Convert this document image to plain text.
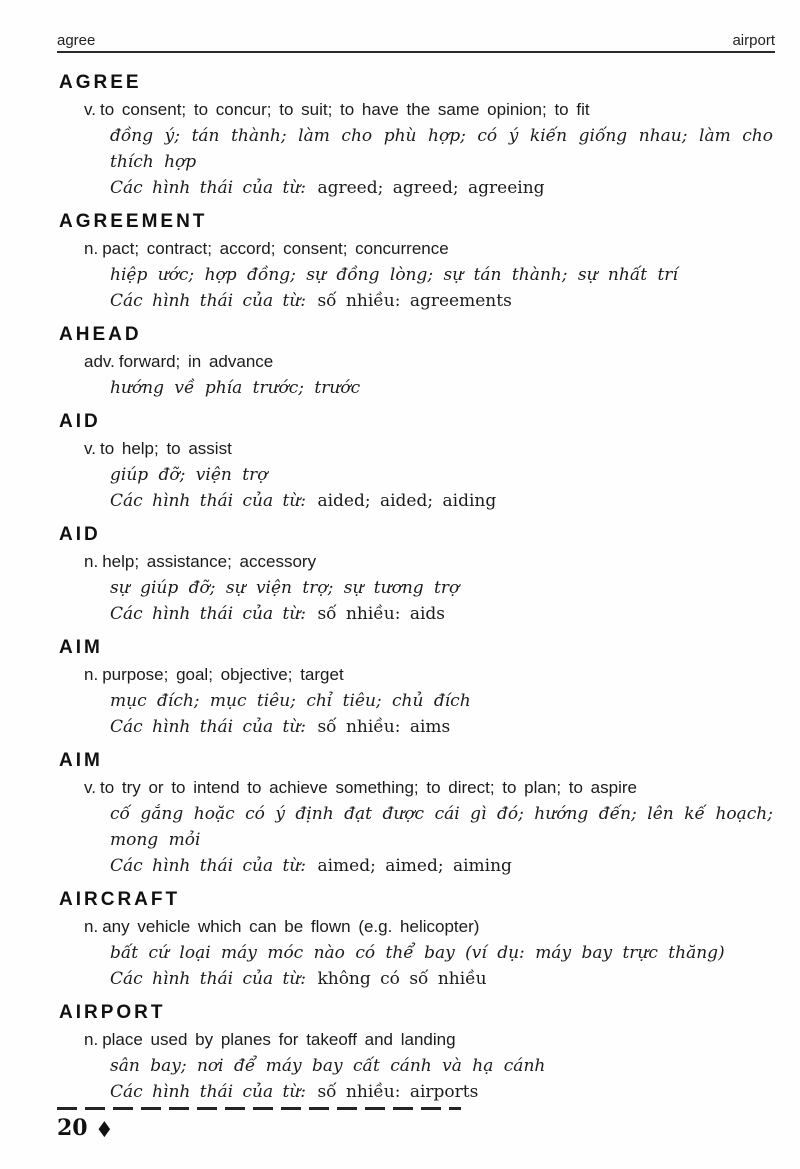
agree	airport
AGREE

v. to consent; to concur; to suit; to have the same opinion; to fit

đồng ý; tán thành; làm cho phù hợp; có ý kiến giống nhau; làm cho thích hợp

Các hình thái của từ: agreed; agreed; agreeing

AGREEMENT

n. pact; contract; accord; consent; concurrence

hiệp ước; hợp đồng; sự đồng lòng; sự tán thành; sự nhất trí

Các hình thái của từ: số nhiều: agreements

AHEAD

adv. forward; in advance

hướng về phía trước; trước

AID

v. to help; to assist

giúp đỡ; viện trợ

Các hình thái của từ: aided; aided; aiding

AID

n. help; assistance; accessory

sự giúp đỡ; sự viện trợ; sự tương trợ

Các hình thái của từ: số nhiều: aids

AIM

n. purpose; goal; objective; target

mục đích; mục tiêu; chỉ tiêu; chủ đích

Các hình thái của từ: số nhiều: aims

AIM

v. to try or to intend to achieve something; to direct; to plan; to aspire

cố gắng hoặc có ý định đạt được cái gì đó; hướng đến; lên kế hoạch; mong mỏi

Các hình thái của từ: aimed; aimed; aiming

AIRCRAFT

n. any vehicle which can be flown (e.g. helicopter)

bất cứ loại máy móc nào có thể bay (ví dụ: máy bay trực thăng)

Các hình thái của từ: không có số nhiều

AIRPORT

n. place used by planes for takeoff and landing

sân bay; nơi để máy bay cất cánh và hạ cánh

Các hình thái của từ: số nhiều: airports

20 ◆
